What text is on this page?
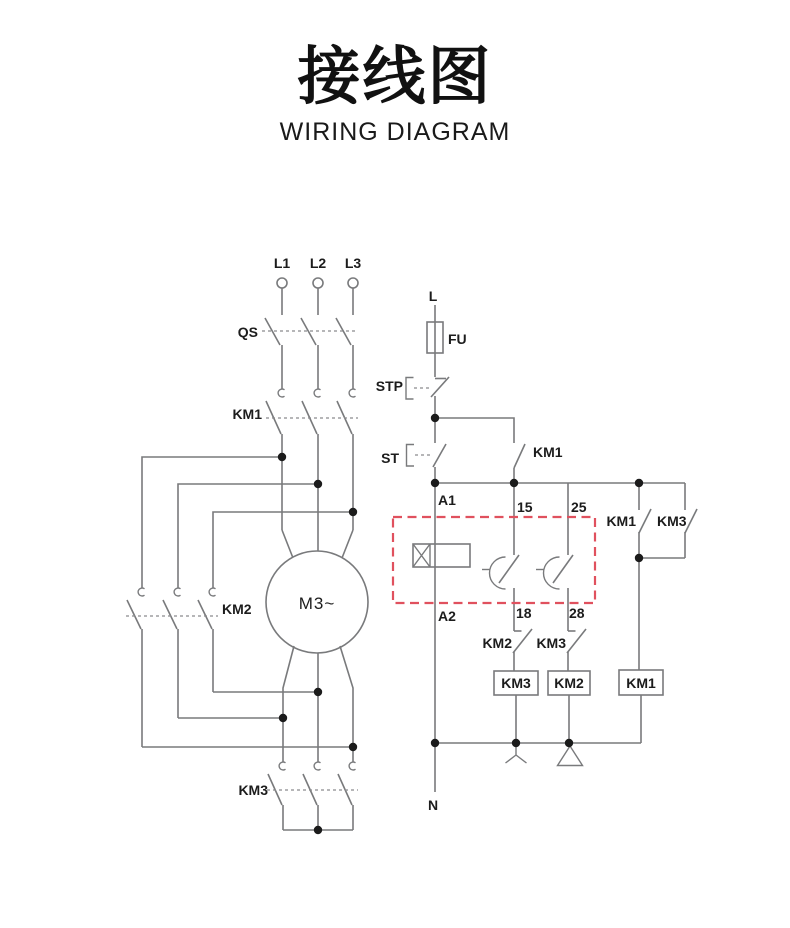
接线图
WIRING DIAGRAM
L1 L2 L3
QS
KM1
KM2	M3~
KM3
L
FU
STP
ST	KM1
A1	15	25
A2	18	28
KM2 KM3
KM1 KM3
KM3 KM2	KM1
N
